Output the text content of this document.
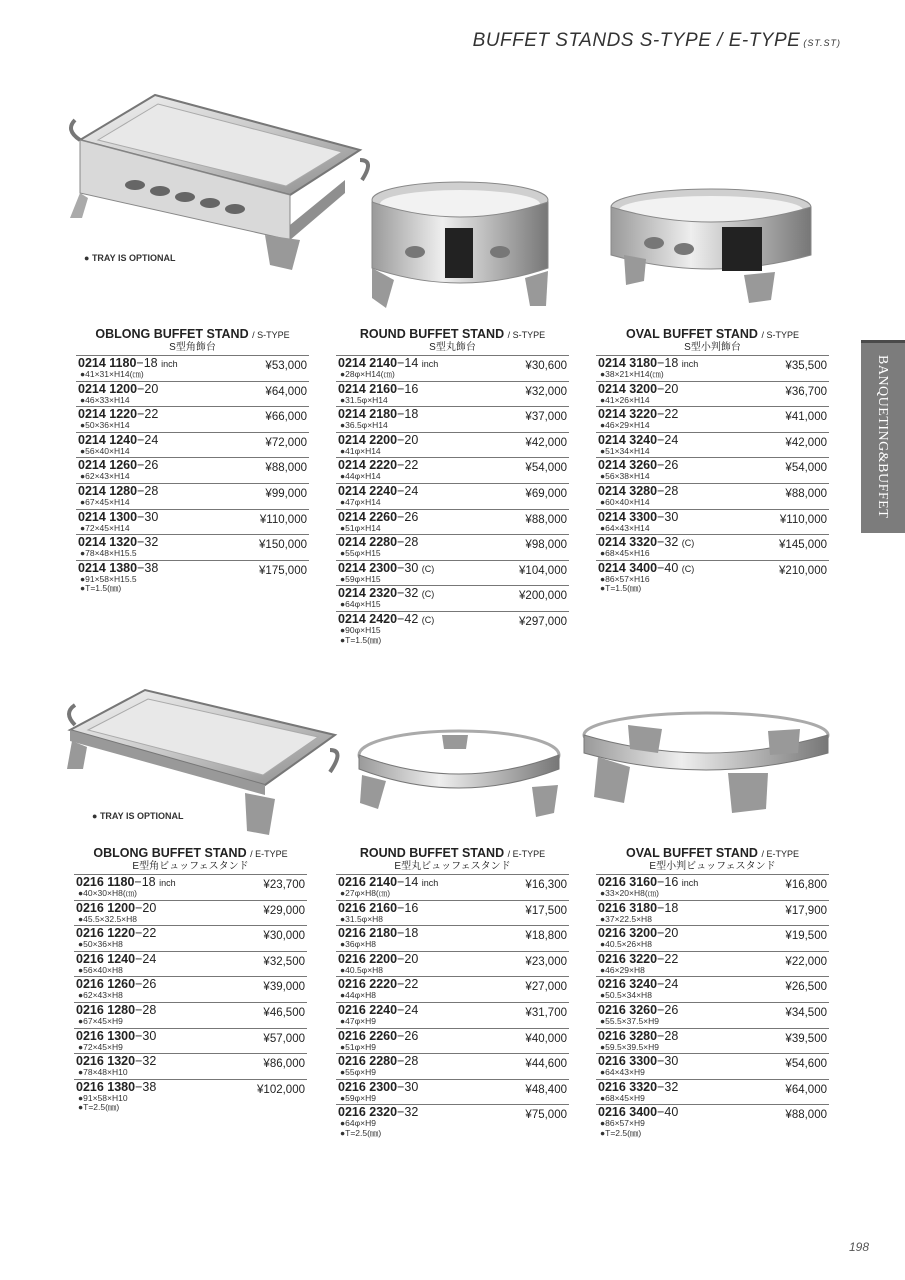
BUFFET STANDS S-TYPE / E-TYPE (ST.ST)
BANQUETING&BUFFET
● TRAY IS OPTIONAL
● TRAY IS OPTIONAL
OBLONG BUFFET STAND / S-TYPE
S型角飾台
0214 1180−18 inch
●41×31×H14(㎝)
¥53,000
0214 1200−20
●46×33×H14
¥64,000
0214 1220−22
●50×36×H14
¥66,000
0214 1240−24
●56×40×H14
¥72,000
0214 1260−26
●62×43×H14
¥88,000
0214 1280−28
●67×45×H14
¥99,000
0214 1300−30
●72×45×H14
¥110,000
0214 1320−32
●78×48×H15.5
¥150,000
0214 1380−38
●91×58×H15.5
¥175,000
●T=1.5(㎜)
ROUND BUFFET STAND / S-TYPE
S型丸飾台
0214 2140−14 inch
●28φ×H14(㎝)
¥30,600
0214 2160−16
●31.5φ×H14
¥32,000
0214 2180−18
●36.5φ×H14
¥37,000
0214 2200−20
●41φ×H14
¥42,000
0214 2220−22
●44φ×H14
¥54,000
0214 2240−24
●47φ×H14
¥69,000
0214 2260−26
●51φ×H14
¥88,000
0214 2280−28
●55φ×H15
¥98,000
0214 2300−30 (C)
●59φ×H15
¥104,000
0214 2320−32 (C)
●64φ×H15
¥200,000
0214 2420−42 (C)
●90φ×H15
¥297,000
●T=1.5(㎜)
OVAL BUFFET STAND / S-TYPE
S型小判飾台
0214 3180−18 inch
●38×21×H14(㎝)
¥35,500
0214 3200−20
●41×26×H14
¥36,700
0214 3220−22
●46×29×H14
¥41,000
0214 3240−24
●51×34×H14
¥42,000
0214 3260−26
●56×38×H14
¥54,000
0214 3280−28
●60×40×H14
¥88,000
0214 3300−30
●64×43×H14
¥110,000
0214 3320−32 (C)
●68×45×H16
¥145,000
0214 3400−40 (C)
●86×57×H16
¥210,000
●T=1.5(㎜)
OBLONG BUFFET STAND / E-TYPE
E型角ビュッフェスタンド
0216 1180−18 inch
●40×30×H8(㎝)
¥23,700
0216 1200−20
●45.5×32.5×H8
¥29,000
0216 1220−22
●50×36×H8
¥30,000
0216 1240−24
●56×40×H8
¥32,500
0216 1260−26
●62×43×H8
¥39,000
0216 1280−28
●67×45×H9
¥46,500
0216 1300−30
●72×45×H9
¥57,000
0216 1320−32
●78×48×H10
¥86,000
0216 1380−38
●91×58×H10
¥102,000
●T=2.5(㎜)
ROUND BUFFET STAND / E-TYPE
E型丸ビュッフェスタンド
0216 2140−14 inch
●27φ×H8(㎝)
¥16,300
0216 2160−16
●31.5φ×H8
¥17,500
0216 2180−18
●36φ×H8
¥18,800
0216 2200−20
●40.5φ×H8
¥23,000
0216 2220−22
●44φ×H8
¥27,000
0216 2240−24
●47φ×H9
¥31,700
0216 2260−26
●51φ×H9
¥40,000
0216 2280−28
●55φ×H9
¥44,600
0216 2300−30
●59φ×H9
¥48,400
0216 2320−32
●64φ×H9
¥75,000
●T=2.5(㎜)
OVAL BUFFET STAND / E-TYPE
E型小判ビュッフェスタンド
0216 3160−16 inch
●33×20×H8(㎝)
¥16,800
0216 3180−18
●37×22.5×H8
¥17,900
0216 3200−20
●40.5×26×H8
¥19,500
0216 3220−22
●46×29×H8
¥22,000
0216 3240−24
●50.5×34×H8
¥26,500
0216 3260−26
●55.5×37.5×H9
¥34,500
0216 3280−28
●59.5×39.5×H9
¥39,500
0216 3300−30
●64×43×H9
¥54,600
0216 3320−32
●68×45×H9
¥64,000
0216 3400−40
●86×57×H9
¥88,000
●T=2.5(㎜)
198
